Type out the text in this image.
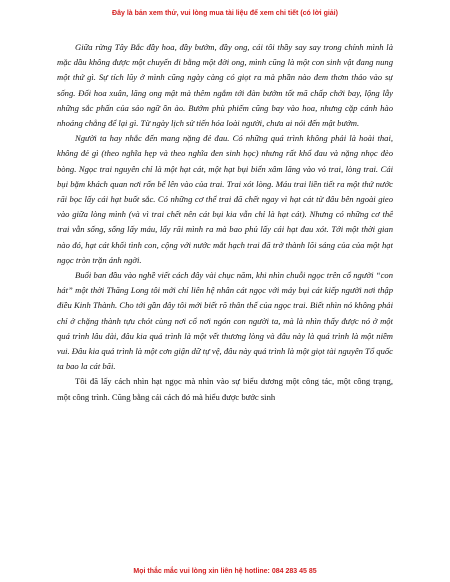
Đây là bản xem thử, vui lòng mua tài liệu để xem chi tiết (có lời giải)

Giữa rừng Tây Bắc đầy hoa, đầy bướm, đầy ong, cái tôi thầy say say trong chính mình là mặc dầu không được một chuyến đi bằng một đời ong, mình cũng là một con sinh vật đang nung một thứ gì. Sự tích lũy ở mình cũng ngày càng có giọt ra mà phần nào đem thơm thảo vào sự sống. Đối hoa xuân, lăng ong mật mà thêm ngắm tới đàn bướm tốt mã chấp chới bay, lộng lẫy những sắc phấn của sảo ngữ ồn ào. Bướm phù phiếm cũng bay vào hoa, nhưng cặp cánh hào nhoáng chẳng để lại gì. Từ ngày lịch sử tiến hóa loài người, chưa ai nói đến mật bướm.

Người ta hay nhắc đến mang nặng đẻ đau. Có những quá trình không phải là hoài thai, không đẻ gì (theo nghĩa hẹp và theo nghĩa đen sinh học) nhưng rất khổ đau và nặng nhọc đèo bòng. Ngọc trai nguyên chỉ là một hạt cát, một hạt bụi biển xâm lăng vào vỏ trai, lòng trai. Cái bụi bặm khách quan nơi rốn bể lên vào của trai. Trai xót lòng. Máu trai liền tiết ra một thứ nước rãi bọc lấy cái hạt buốt sắc. Có những cơ thể trai đã chết ngay vì hạt cát từ đâu bên ngoài gieo vào giữa lòng mình (và vì trai chết nên cát bụi kia vẫn chỉ là hạt cát). Nhưng có những cơ thể trai vẫn sống, sống lấy máu, lấy rãi mình ra mà bao phủ lấy cái hạt đau xót. Tới một thời gian nào đó, hạt cát khối tình con, cộng với nước mắt hạch trai đã trở thành lõi sáng của của một hạt ngọc tròn trặn ánh ngời.

Buổi ban đầu vào nghề viết cách đây vài chục năm, khi nhìn chuỗi ngọc trên cổ người “con hát” một thời Thăng Long tôi mới chỉ liên hệ nhân cát ngọc với máy bụi cát kiếp người nơi thập điều Kinh Thành. Cho tới gần đây tôi mới biết rõ thân thế của ngọc trai. Biết nhìn nó không phải chỉ ở chặng thành tựu chót cùng nơi cổ nơi ngón con người ta, mà là nhìn thấy được nó ở một quá trình lâu dài, đâu kia quá trình là một vết thương lòng và đâu này là quá trình là một niềm vui. Đâu kia quá trình là một cơn giận dữ tự vệ, đâu này quá trình là một giọt tài nguyên Tổ quốc ta bao la cát bãi.

Tôi đã lấy cách nhìn hạt ngọc mà nhìn vào sự biểu dương một công tác, một công trạng, một công trình. Cũng bằng cái cách đó mà hiểu được bước sinh

Mọi thắc mắc vui lòng xin liên hệ hotline: 084 283 45 85
